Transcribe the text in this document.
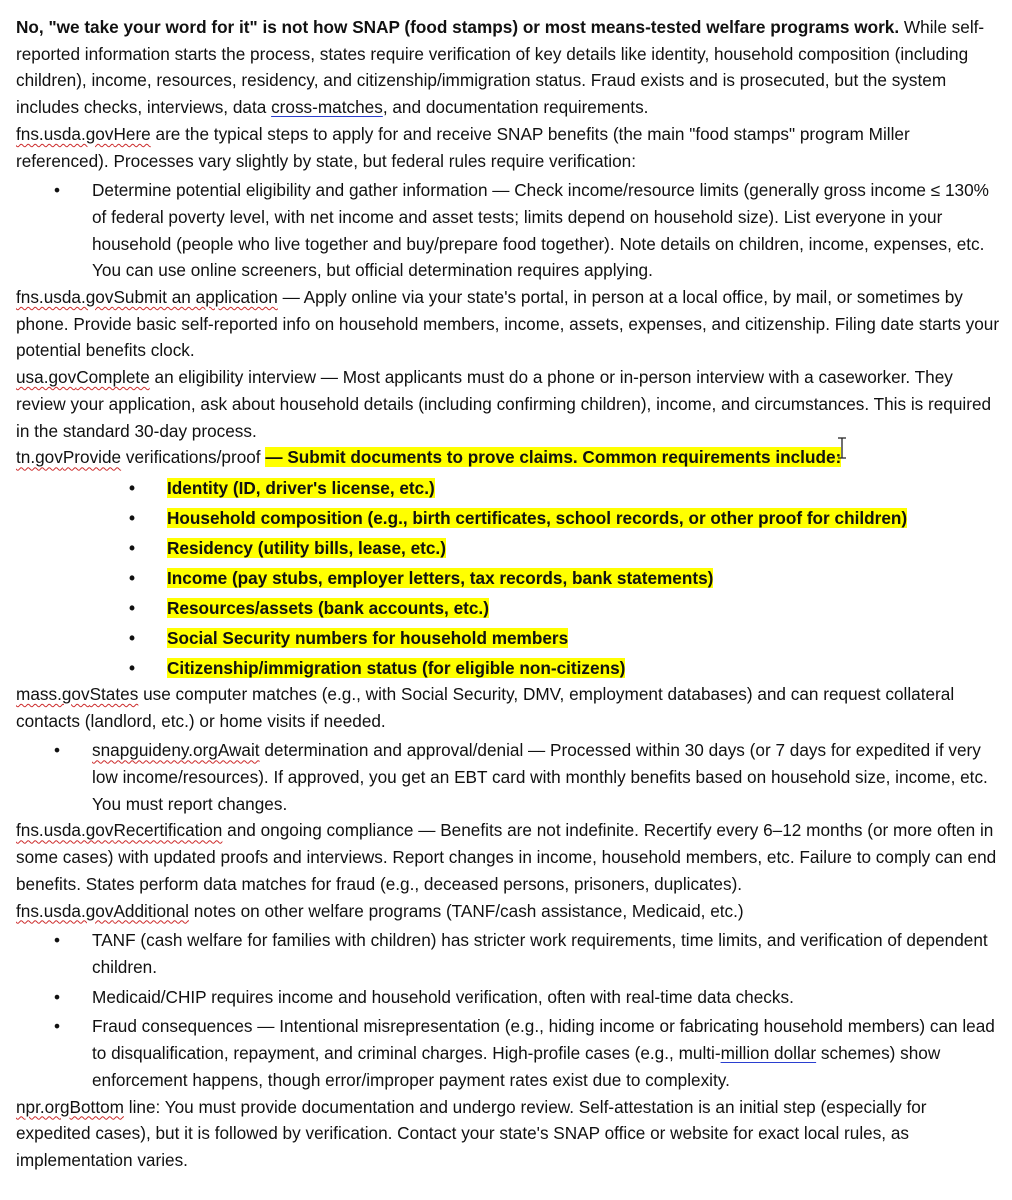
No, "we take your word for it" is not how SNAP (food stamps) or most means-tested welfare programs work. While self-reported information starts the process, states require verification of key details like identity, household composition (including children), income, resources, residency, and citizenship/immigration status. Fraud exists and is prosecuted, but the system includes checks, interviews, data cross-matches, and documentation requirements.

fns.usda.govHere are the typical steps to apply for and receive SNAP benefits (the main "food stamps" program Miller referenced). Processes vary slightly by state, but federal rules require verification:

• Determine potential eligibility and gather information — Check income/resource limits (generally gross income ≤ 130% of federal poverty level, with net income and asset tests; limits depend on household size). List everyone in your household (people who live together and buy/prepare food together). Note details on children, income, expenses, etc. You can use online screeners, but official determination requires applying.

fns.usda.govSubmit an application — Apply online via your state's portal, in person at a local office, by mail, or sometimes by phone. Provide basic self-reported info on household members, income, assets, expenses, and citizenship. Filing date starts your potential benefits clock.

usa.govComplete an eligibility interview — Most applicants must do a phone or in-person interview with a caseworker. They review your application, ask about household details (including confirming children), income, and circumstances. This is required in the standard 30-day process.

tn.govProvide verifications/proof — Submit documents to prove claims. Common requirements include:

• Identity (ID, driver's license, etc.)
• Household composition (e.g., birth certificates, school records, or other proof for children)
• Residency (utility bills, lease, etc.)
• Income (pay stubs, employer letters, tax records, bank statements)
• Resources/assets (bank accounts, etc.)
• Social Security numbers for household members
• Citizenship/immigration status (for eligible non-citizens)

mass.govStates use computer matches (e.g., with Social Security, DMV, employment databases) and can request collateral contacts (landlord, etc.) or home visits if needed.

• snapguideny.orgAwait determination and approval/denial — Processed within 30 days (or 7 days for expedited if very low income/resources). If approved, you get an EBT card with monthly benefits based on household size, income, etc. You must report changes.

fns.usda.govRecertification and ongoing compliance — Benefits are not indefinite. Recertify every 6–12 months (or more often in some cases) with updated proofs and interviews. Report changes in income, household members, etc. Failure to comply can end benefits. States perform data matches for fraud (e.g., deceased persons, prisoners, duplicates).

fns.usda.govAdditional notes on other welfare programs (TANF/cash assistance, Medicaid, etc.)

• TANF (cash welfare for families with children) has stricter work requirements, time limits, and verification of dependent children.
• Medicaid/CHIP requires income and household verification, often with real-time data checks.
• Fraud consequences — Intentional misrepresentation (e.g., hiding income or fabricating household members) can lead to disqualification, repayment, and criminal charges. High-profile cases (e.g., multi-million dollar schemes) show enforcement happens, though error/improper payment rates exist due to complexity.

npr.orgBottom line: You must provide documentation and undergo review. Self-attestation is an initial step (especially for expedited cases), but it is followed by verification. Contact your state's SNAP office or website for exact local rules, as implementation varies.
